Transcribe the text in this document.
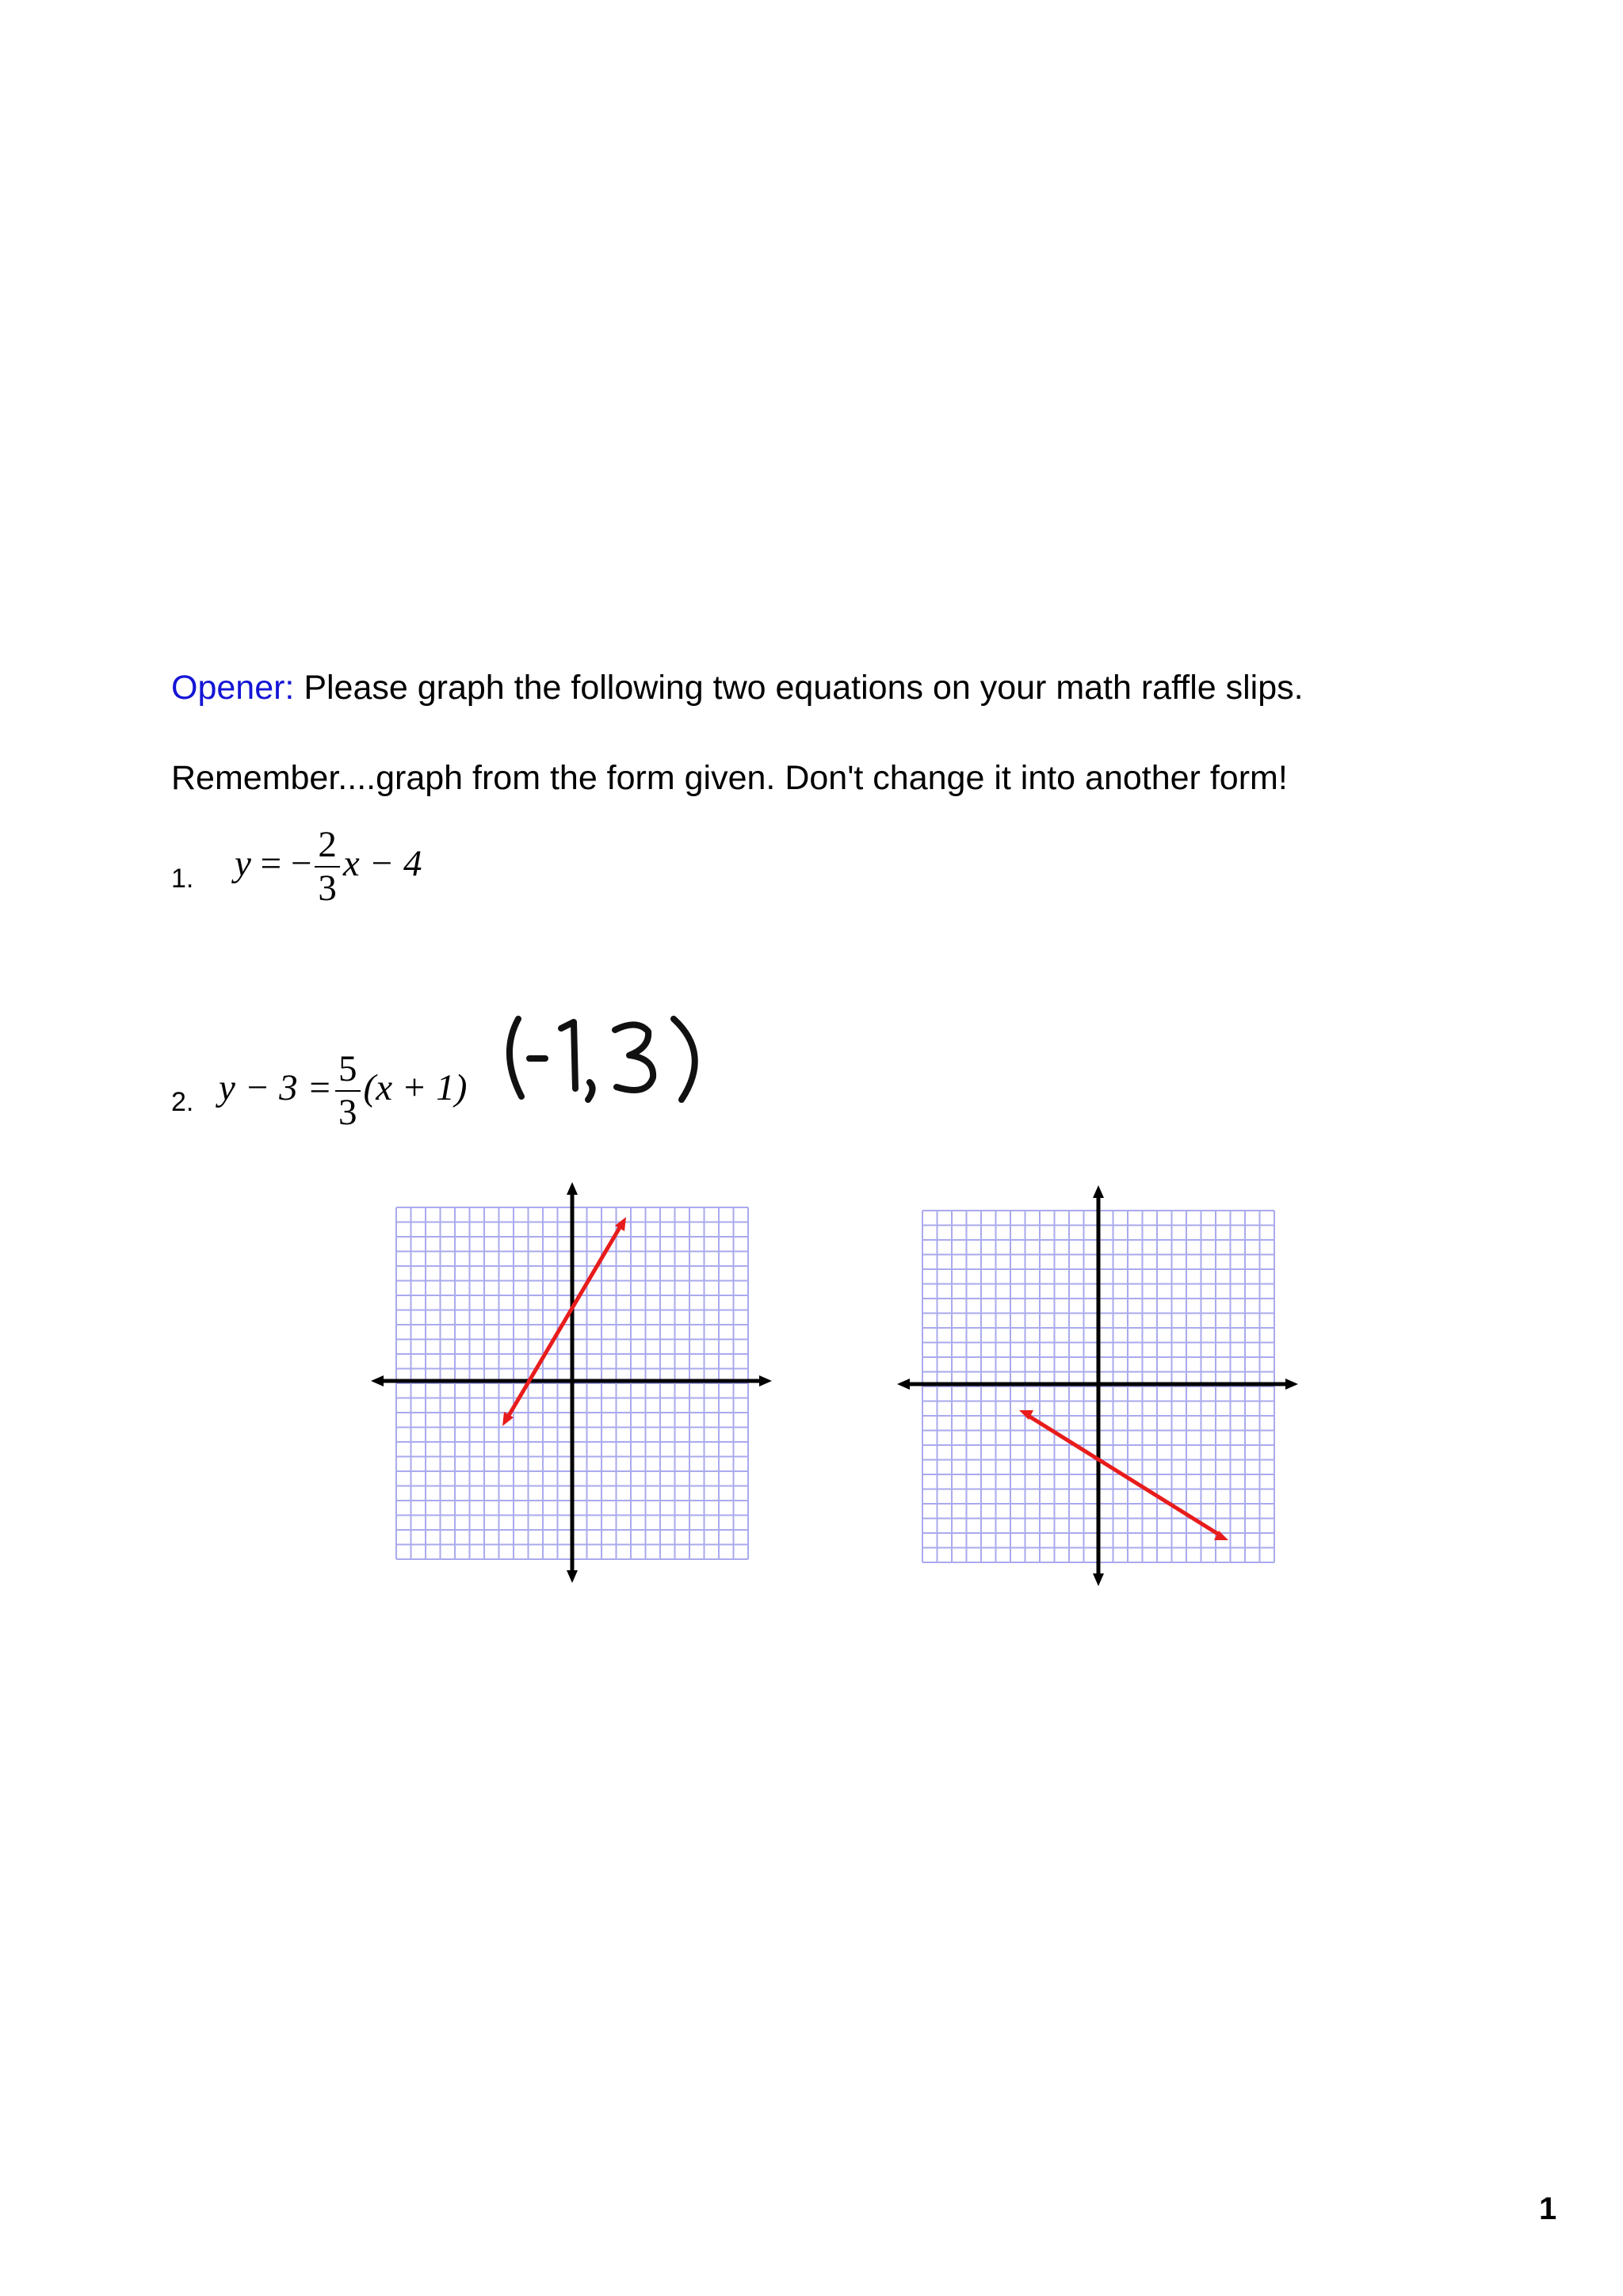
Opener: Please graph the following two equations on your math raffle slips.
Remember....graph from the form given. Don't change it into another form!
1. y = − $\frac{2}{3}$ x − 4
2. $y - 3 = \frac{5}{3} (x + 1)$
1
